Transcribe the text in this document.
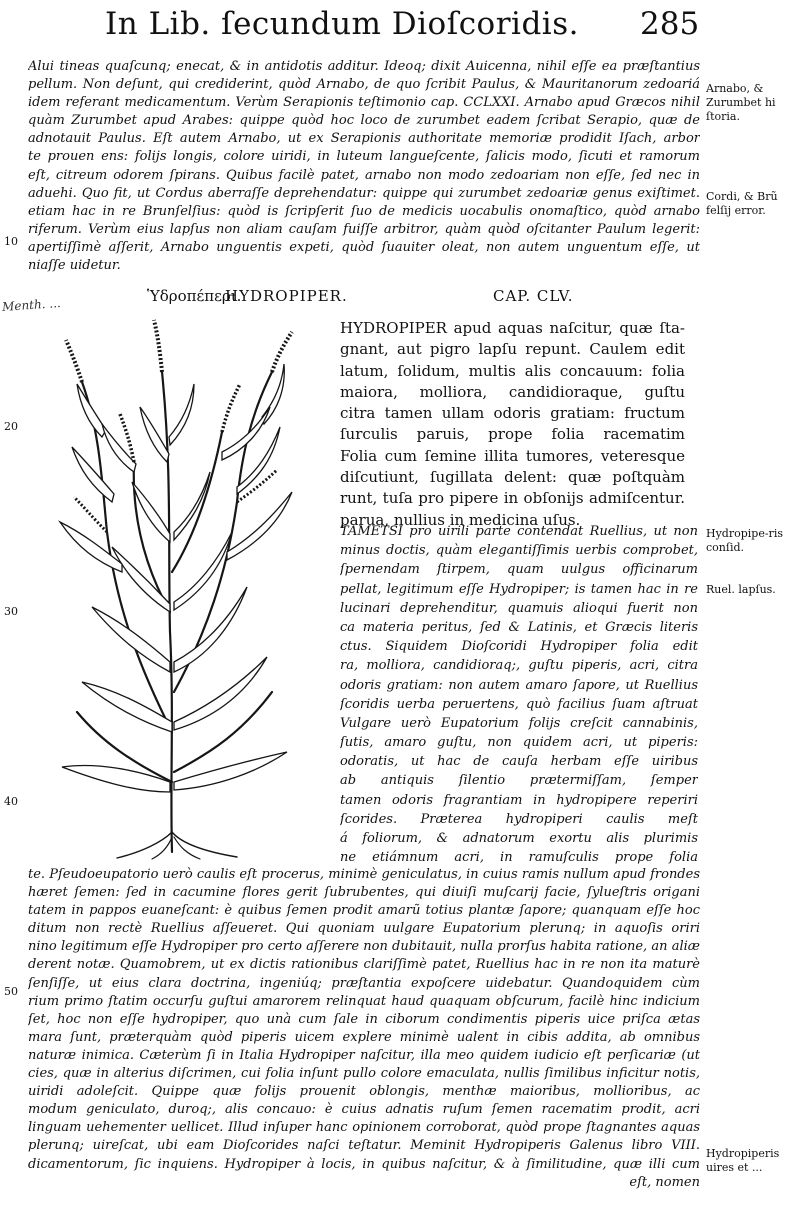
In Lib. ſecundum Dioſcoridis. 285
Alui tineas quaſcunq; enecat, & in antidotis additur. Ideoq; dixit Auicenna, nihil eſſe ea præſtantius
pellum. Non deſunt, qui crediderint, quòd Arnabo, de quo ſcribit Paulus, & Mauritanorum zedoariá
idem referant medicamentum. Verùm Serapionis teſtimonio cap. CCLXXI. Arnabo apud Græcos nihil
quàm Zurumbet apud Arabes: quippe quòd hoc loco de zurumbet eadem ſcribat Serapio, quæ de
adnotauit Paulus. Eſt autem Arnabo, ut ex Serapionis authoritate memoriæ prodidit Iſach, arbor
te prouen ens: folijs longis, colore uiridi, in luteum langueſcente, ſalicis modo, ſicuti et ramorum
eſt, citreum odorem ſpirans. Quibus facilè patet, arnabo non modo zedoariam non eſſe, ſed nec in
aduehi. Quo fit, ut Cordus aberraſſe deprehendatur: quippe qui zurumbet zedoariæ genus exiſtimet.
etiam hac in re Brunſelſius: quòd is ſcripſerit ſuo de medicis uocabulis onomaſtico, quòd arnabo
riferum. Verùm eius lapſus non aliam cauſam fuiſſe arbitror, quàm quòd oſcitanter Paulum legerit:
apertiſſimè aſſerit, Arnabo unguentis expeti, quòd ſuauiter oleat, non autem unguentum eſſe, ut
niaſſe uidetur.
Arnabo, & Zurumbet hi ſtoria.
Cordi, & Brũ felſij error.
Hydropipe-ris conſid.
Ruel. lapſus.
Hydropiperis uires et ...
10
20
30
40
50
Menth. ...	Ὑδροπέπερι.
HYDROPIPER.	CAP. CLV.
HYDROPIPER apud aquas naſcitur, quæ ſta-
gnant, aut pigro lapſu repunt. Caulem edit
latum, ſolidum, multis alis concauum: folia
maiora, molliora, candidioraque, guſtu
citra tamen ullam odoris gratiam: fructum
ſurculis paruis, prope folia racematim
Folia cum ſemine illita tumores, veteresque
diſcutiunt, ſugillata delent: quæ poſtquàm
runt, tuſa pro pipere in obſonijs admiſcentur.
parua, nullius in medicina uſus.
TAMETSI pro uirili parte contendat Ruellius, ut non
minus doctis, quàm elegantiſſimis uerbis comprobet,
ſpernendam ſtirpem, quam uulgus officinarum
pellat, legitimum eſſe Hydropiper; is tamen hac in re
lucinari deprehenditur, quamuis alioqui fuerit non
ca materia peritus, ſed & Latinis, et Græcis literis
ctus. Siquidem Dioſcoridi Hydropiper folia edit
ra, molliora, candidioraq;, guſtu piperis, acri, citra
odoris gratiam: non autem amaro ſapore, ut Ruellius
ſcoridis uerba peruertens, quò facilius ſuam aſtruat
Vulgare uerò Eupatorium folijs creſcit cannabinis,
ſutis, amaro guſtu, non quidem acri, ut piperis:
odoratis, ut hac de cauſa herbam eſſe uiribus
ab antiquis ſilentio prætermiſſam, ſemper
tamen odoris fragrantiam in hydropipere reperiri
ſcorides. Præterea hydropiperi caulis meſt
á foliorum, & adnatorum exortu alis plurimis
ne etiámnum acri, in ramuſculis prope folia
te. Pſeudoeupatorio uerò caulis eſt procerus, minimè geniculatus, in cuius ramis nullum apud frondes
hæret ſemen: ſed in cacumine flores gerit ſubrubentes, qui diuiſi muſcarij facie, ſylueſtris origani
tatem in pappos euaneſcant: è quibus ſemen prodit amarũ totius plantæ ſapore; quanquam eſſe hoc
ditum non rectè Ruellius aſſeueret. Qui quoniam uulgare Eupatorium plerunq; in aquoſis oriri
nino legitimum eſſe Hydropiper pro certo aſſerere non dubitauit, nulla prorſus habita ratione, an aliæ
derent notæ. Quamobrem, ut ex dictis rationibus clariſſimè patet, Ruellius hac in re non ita maturè
ſenſiſſe, ut eius clara doctrina, ingeniúq; præſtantia expoſcere uidebatur. Quandoquidem cùm
rium primo ſtatim occurſu guſtui amarorem relinquat haud quaquam obſcurum, facilè hinc indicium
ſet, hoc non eſſe hydropiper, quo unà cum ſale in ciborum condimentis piperis uice priſca ætas
mara ſunt, præterquàm quòd piperis uicem explere minimè ualent in cibis addita, ab omnibus
naturæ inimica. Cæterùm ſi in Italia Hydropiper naſcitur, illa meo quidem iudicio eſt perſicariæ (ut
cies, quæ in alterius diſcrimen, cui folia inſunt pullo colore emaculata, nullis ſimilibus inficitur notis,
uiridi adoleſcit. Quippe quæ folijs prouenit oblongis, menthæ maioribus, mollioribus, ac
modum geniculato, duroq;, alis concauo: è cuius adnatis ruſum ſemen racematim prodit, acri
linguam uehementer uellicet. Illud inſuper hanc opinionem corroborat, quòd prope ſtagnantes aquas
plerunq; uireſcat, ubi eam Dioſcorides naſci teſtatur. Meminit Hydropiperis Galenus libro VIII.
dicamentorum, ſic inquiens. Hydropiper à locis, in quibus naſcitur, & à ſimilitudine, quæ illi cum
eſt, nomen
